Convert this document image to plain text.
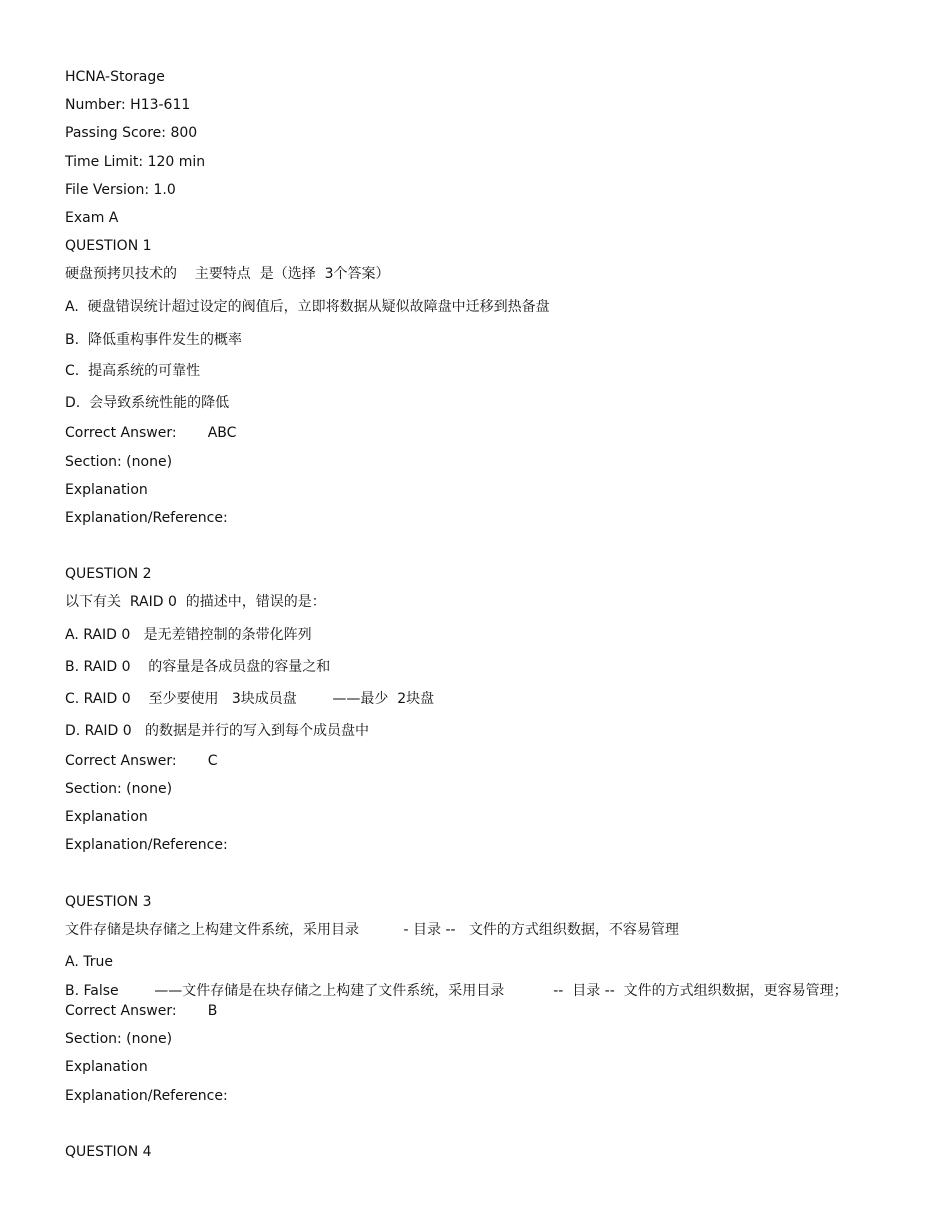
HCNA-Storage
Number: H13-611
Passing Score: 800
Time Limit: 120 min
File Version: 1.0
Exam A
QUESTION 1
硬盘预拷贝技术的    主要特点  是（选择  3个答案）
A.  硬盘错误统计超过设定的阀值后，立即将数据从疑似故障盘中迁移到热备盘
B.  降低重构事件发生的概率
C.  提高系统的可靠性
D.  会导致系统性能的降低
Correct Answer:       ABC
Section: (none)
Explanation
Explanation/Reference:
QUESTION 2
以下有关  RAID 0  的描述中，错误的是：
A. RAID 0   是无差错控制的条带化阵列
B. RAID 0    的容量是各成员盘的容量之和
C. RAID 0    至少要使用   3块成员盘        ——最少  2块盘
D. RAID 0   的数据是并行的写入到每个成员盘中
Correct Answer:       C
Section: (none)
Explanation
Explanation/Reference:
QUESTION 3
文件存储是块存储之上构建文件系统，采用目录          - 目录 --   文件的方式组织数据，不容易管理
A. True
B. False        ——文件存储是在块存储之上构建了文件系统，采用目录           --  目录 --  文件的方式组织数据，更容易管理；
Correct Answer:       B
Section: (none)
Explanation
Explanation/Reference:
QUESTION 4
